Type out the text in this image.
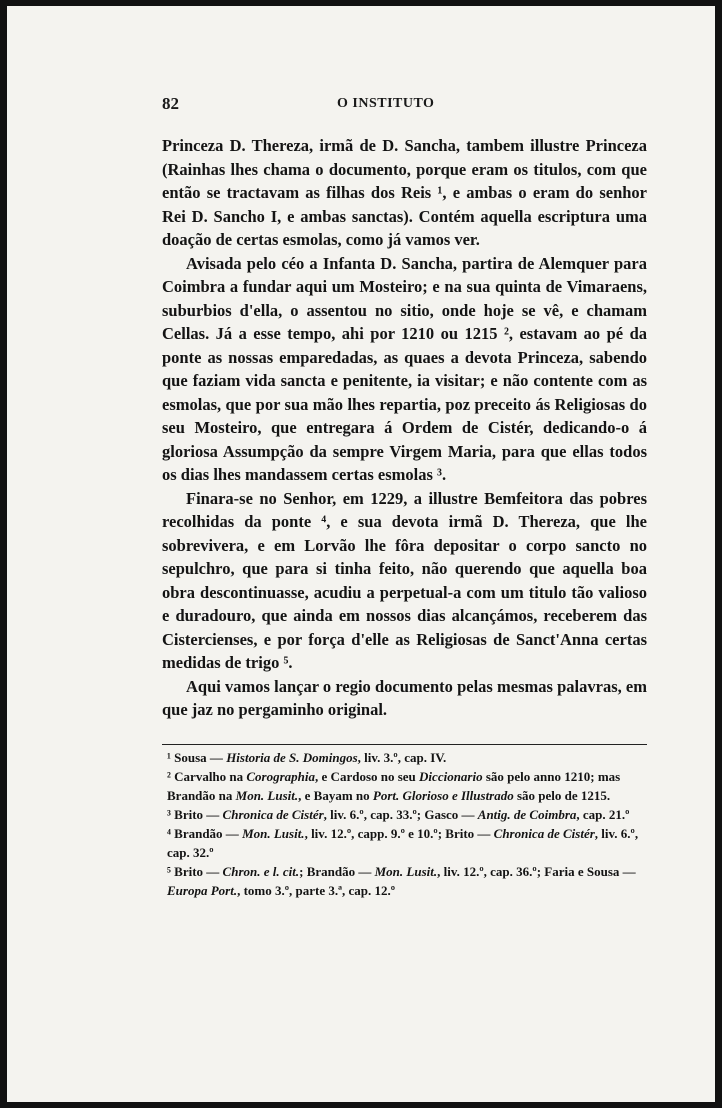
82	O INSTITUTO

Princeza D. Thereza, irmã de D. Sancha, tambem illustre Princeza (Rainhas lhes chama o documento, porque eram os titulos, com que então se tractavam as filhas dos Reis ¹, e ambas o eram do senhor Rei D. Sancho I, e ambas sanctas). Contém aquella escriptura uma doação de certas esmolas, como já vamos ver.

Avisada pelo céo a Infanta D. Sancha, partira de Alemquer para Coimbra a fundar aqui um Mosteiro; e na sua quinta de Vimaraens, suburbios d'ella, o assentou no sitio, onde hoje se vê, e chamam Cellas. Já a esse tempo, ahi por 1210 ou 1215 ², estavam ao pé da ponte as nossas emparedadas, as quaes a devota Princeza, sabendo que faziam vida sancta e penitente, ia visitar; e não contente com as esmolas, que por sua mão lhes repartia, poz preceito ás Religiosas do seu Mosteiro, que entregara á Ordem de Cistér, dedicando-o á gloriosa Assumpção da sempre Virgem Maria, para que ellas todos os dias lhes mandassem certas esmolas ³.

Finara-se no Senhor, em 1229, a illustre Bemfeitora das pobres recolhidas da ponte ⁴, e sua devota irmã D. Thereza, que lhe sobrevivera, e em Lorvão lhe fôra depositar o corpo sancto no sepulchro, que para si tinha feito, não querendo que aquella boa obra descontinuasse, acudiu a perpetual-a com um titulo tão valioso e duradouro, que ainda em nossos dias alcançámos, receberem das Cistercienses, e por força d'elle as Religiosas de Sanct'Anna certas medidas de trigo ⁵.

Aqui vamos lançar o regio documento pelas mesmas palavras, em que jaz no pergaminho original.

¹ Sousa — Historia de S. Domingos, liv. 3.º, cap. IV.

² Carvalho na Corographia, e Cardoso no seu Diccionario são pelo anno 1210; mas Brandão na Mon. Lusit., e Bayam no Port. Glorioso e Illustrado são pelo de 1215.

³ Brito — Chronica de Cistér, liv. 6.º, cap. 33.º; Gasco — Antig. de Coimbra, cap. 21.º

⁴ Brandão — Mon. Lusit., liv. 12.º, capp. 9.º e 10.º; Brito — Chronica de Cistér, liv. 6.º, cap. 32.º

⁵ Brito — Chron. e l. cit.; Brandão — Mon. Lusit., liv. 12.º, cap. 36.º; Faria e Sousa — Europa Port., tomo 3.º, parte 3.ª, cap. 12.º
